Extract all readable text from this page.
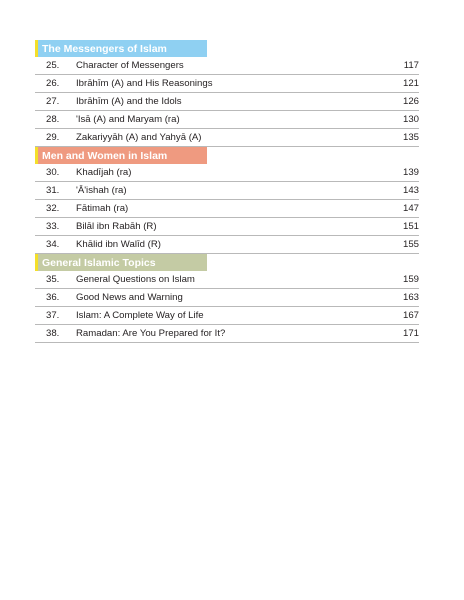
The Messengers of Islam
25.	Character of Messengers	117
26.	Ibrāhīm (A) and His Reasonings	121
27.	Ibrāhīm (A) and the Idols	126
28.	'Isā (A) and Maryam (ra)	130
29.	Zakariyyāh (A) and Yahyā (A)	135
Men and Women in Islam
30.	Khadījah (ra)	139
31.	'Ā'ishah (ra)	143
32.	Fātimah (ra)	147
33.	Bilāl ibn Rabāh (R)	151
34.	Khālid ibn Walīd (R)	155
General Islamic Topics
35.	General Questions on Islam	159
36.	Good News and Warning	163
37.	Islam: A Complete Way of Life	167
38.	Ramadan: Are You Prepared for It?	171
